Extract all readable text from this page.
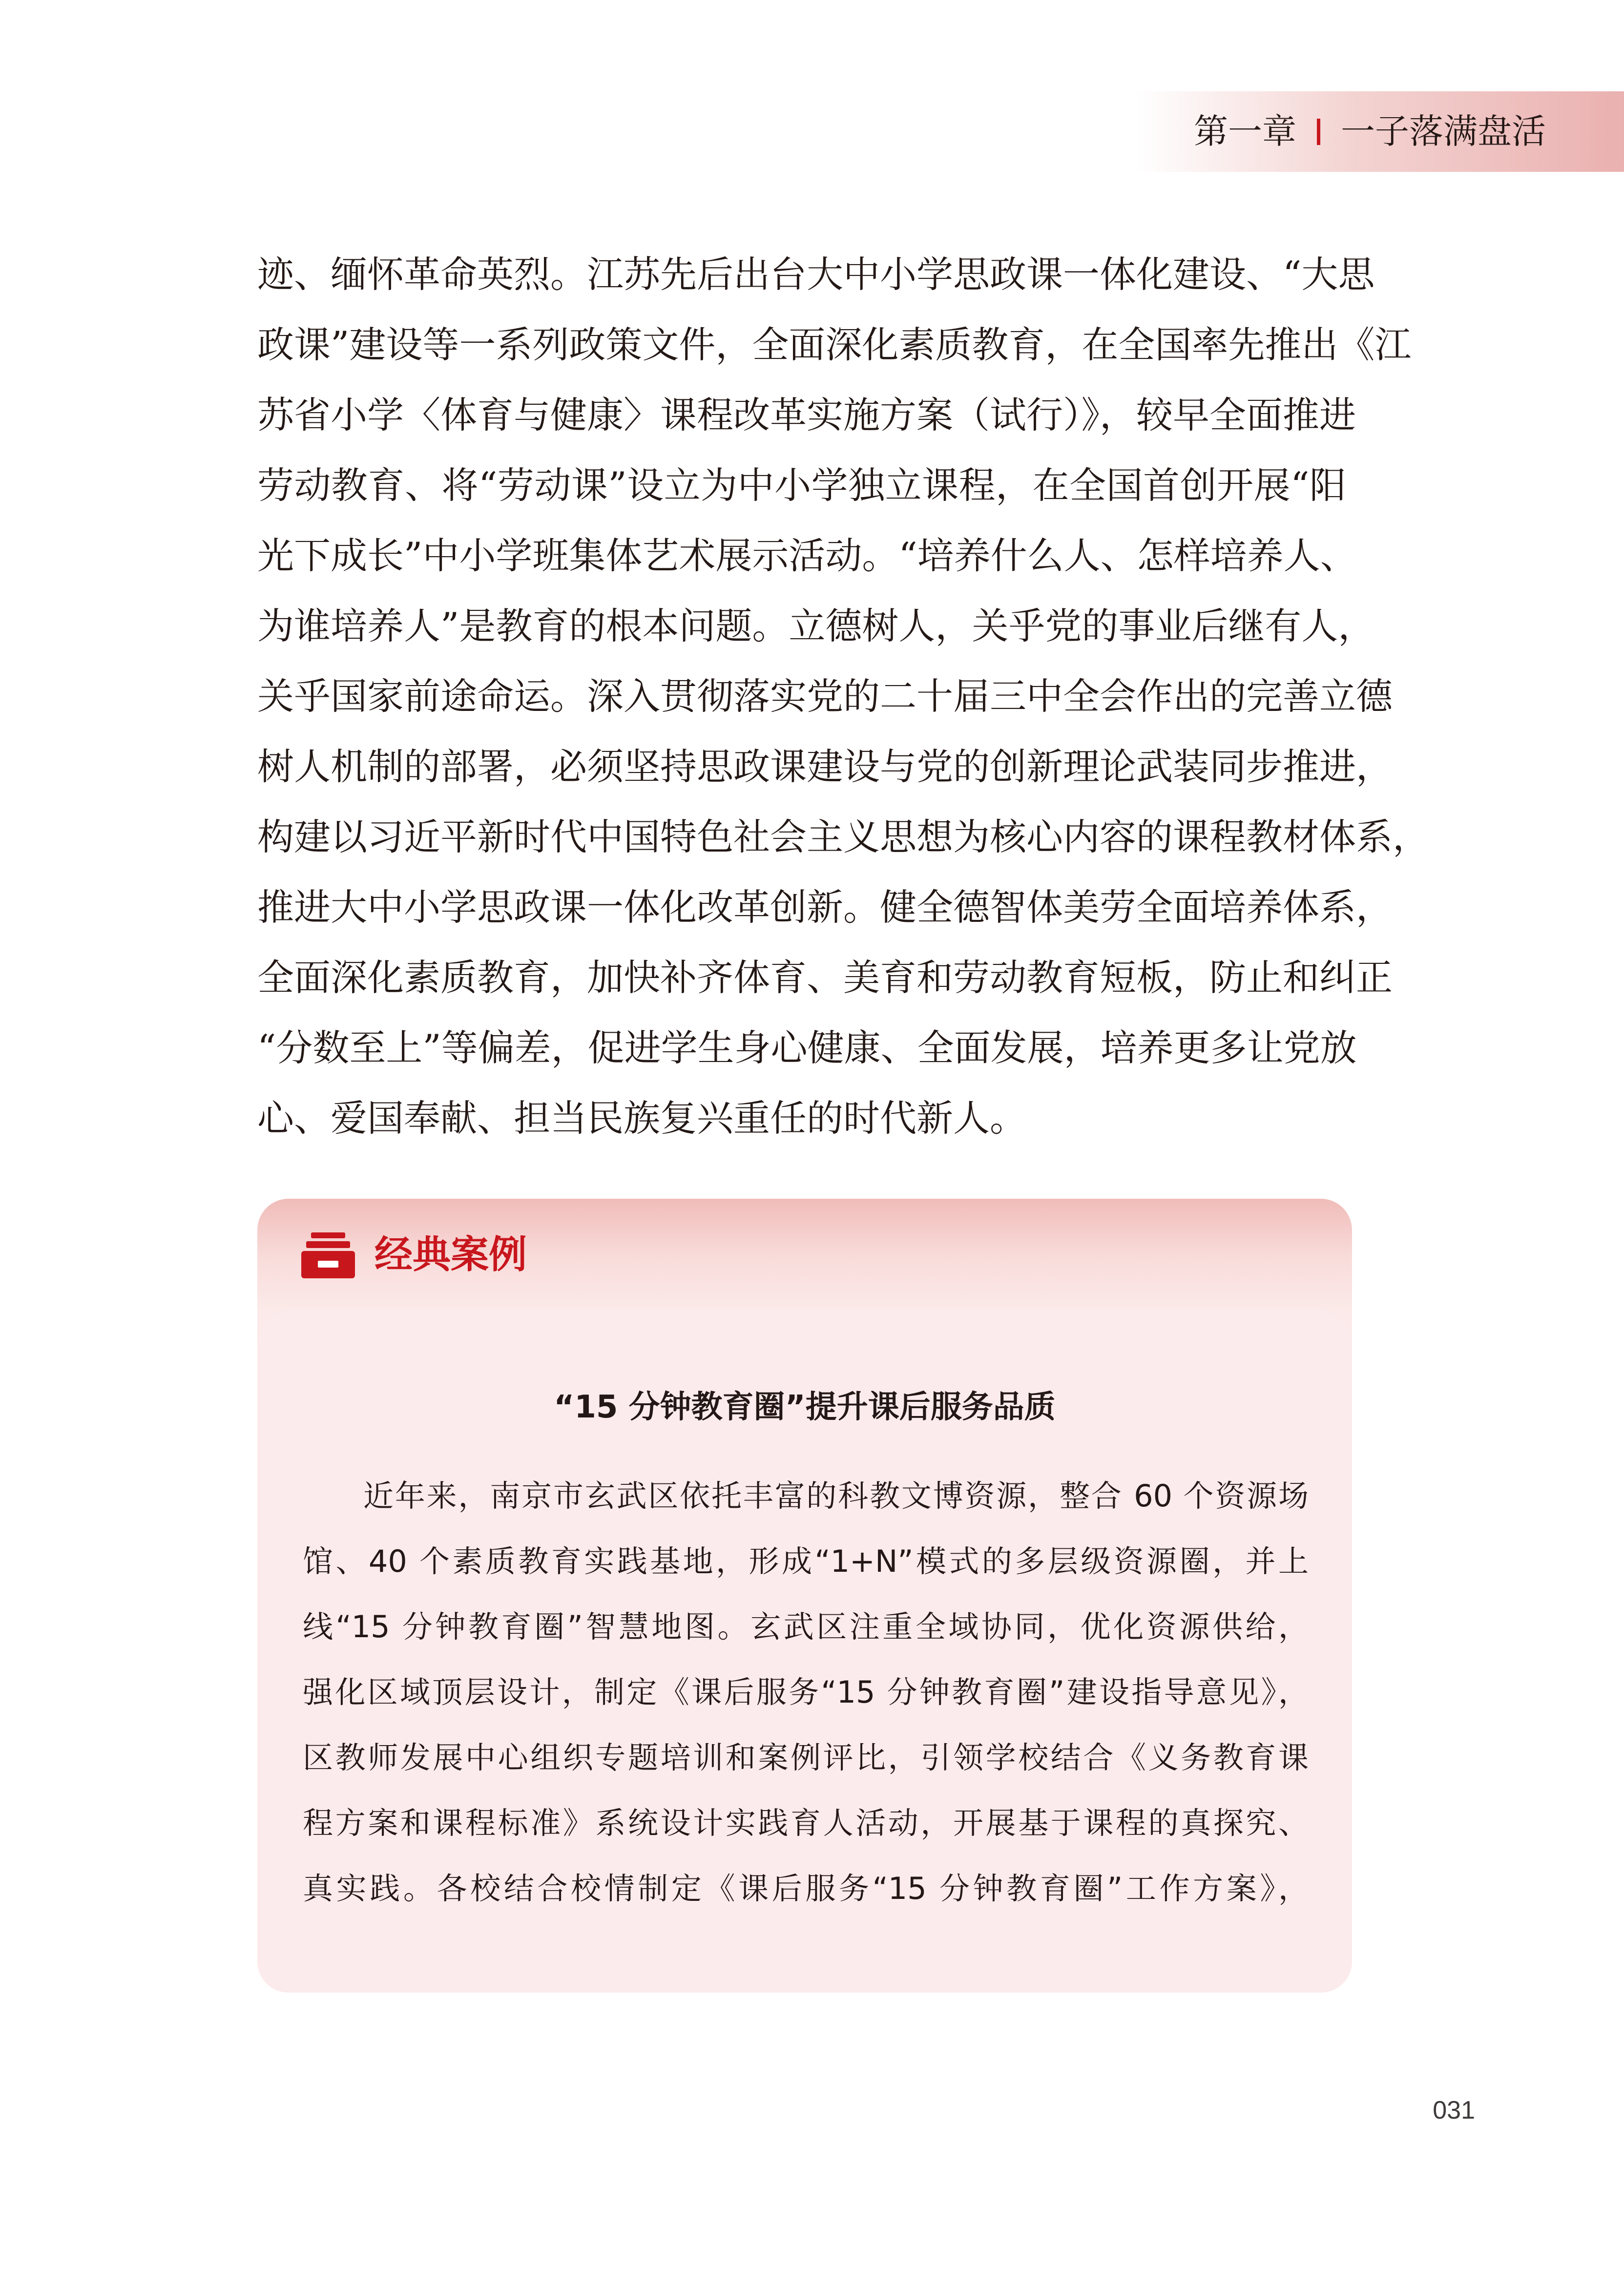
第一章 一子落满盘活
迹、缅怀革命英烈。江苏先后出台大中小学思政课一体化建设、“大思
政课”建设等一系列政策文件，全面深化素质教育，在全国率先推出《江
苏省小学〈体育与健康〉课程改革实施方案（试行）》，较早全面推进
劳动教育、将“劳动课”设立为中小学独立课程，在全国首创开展“阳
光下成长”中小学班集体艺术展示活动。“培养什么人、怎样培养人、
为谁培养人”是教育的根本问题。立德树人，关乎党的事业后继有人，
关乎国家前途命运。深入贯彻落实党的二十届三中全会作出的完善立德
树人机制的部署，必须坚持思政课建设与党的创新理论武装同步推进，
构建以习近平新时代中国特色社会主义思想为核心内容的课程教材体系，
推进大中小学思政课一体化改革创新。健全德智体美劳全面培养体系，
全面深化素质教育，加快补齐体育、美育和劳动教育短板，防止和纠正
“分数至上”等偏差，促进学生身心健康、全面发展，培养更多让党放
心、爱国奉献、担当民族复兴重任的时代新人。
经典案例
“15 分钟教育圈”提升课后服务品质
近年来，南京市玄武区依托丰富的科教文博资源，整合 60 个资源场
馆、40 个素质教育实践基地，形成“1+N”模式的多层级资源圈，并上
线“15 分钟教育圈”智慧地图。玄武区注重全域协同，优化资源供给，
强化区域顶层设计，制定《课后服务“15 分钟教育圈”建设指导意见》，
区教师发展中心组织专题培训和案例评比，引领学校结合《义务教育课
程方案和课程标准》系统设计实践育人活动，开展基于课程的真探究、
真实践。各校结合校情制定《课后服务“15 分钟教育圈”工作方案》，
031
